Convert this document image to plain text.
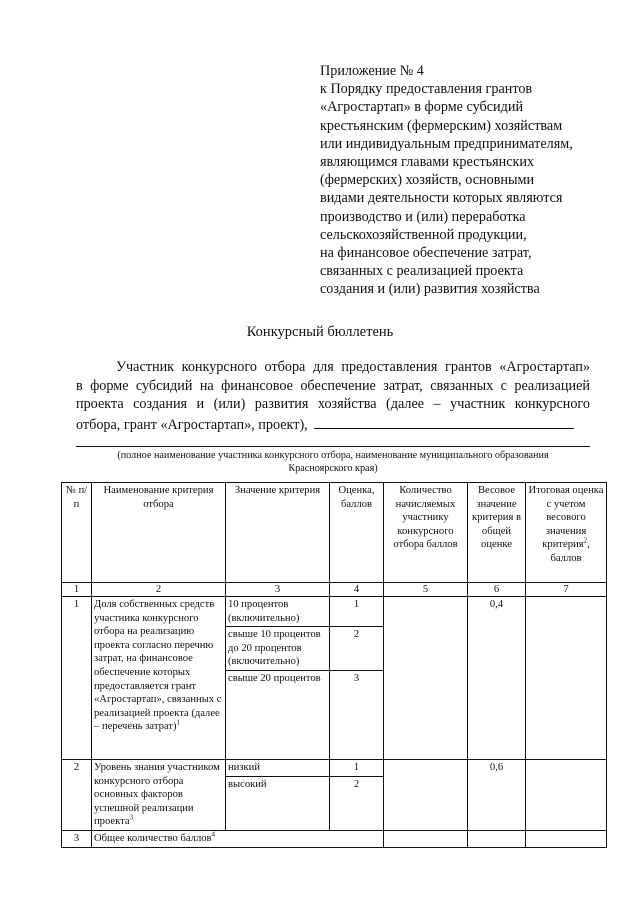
Приложение № 4
к Порядку предоставления грантов
«Агростартап» в форме субсидий
крестьянским (фермерским) хозяйствам
или индивидуальным предпринимателям,
являющимся главами крестьянских
(фермерских) хозяйств, основными
видами деятельности которых являются
производство и (или) переработка
сельскохозяйственной продукции,
на финансовое обеспечение затрат,
связанных с реализацией проекта
создания и (или) развития хозяйства
Конкурсный бюллетень
Участник конкурсного отбора для предоставления грантов «Агростартап»
в форме субсидий на финансовое обеспечение затрат, связанных с реализацией
проекта создания и (или) развития хозяйства (далее – участник конкурсного
отбора, грант «Агростартап», проект),
(полное наименование участника конкурсного отбора, наименование муниципального образования
Красноярского края)
№ п/п	Наименование критерия отбора	Значение критерия	Оценка, баллов	Количество начисляемых участнику конкурсного отбора баллов	Весовое значение критерия в общей оценке	Итоговая оценка с учетом весового значения критерия$^2$, баллов
1	2	3	4	5	6	7
1	Доля собственных средств участника конкурсного отбора на реализацию проекта согласно перечню затрат, на финансовое обеспечение которых предоставляется грант «Агростартап», связанных с реализацией проекта (далее – перечень затрат)$^1$	10 процентов (включительно)	1		0,4	
		свыше 10 процентов до 20 процентов (включительно)	2			
		свыше 20 процентов	3			
2	Уровень знания участником конкурсного отбора основных факторов успешной реализации проекта$^3$	низкий	1		0,6	
		высокий	2			
3	Общее количество баллов$^4$			
